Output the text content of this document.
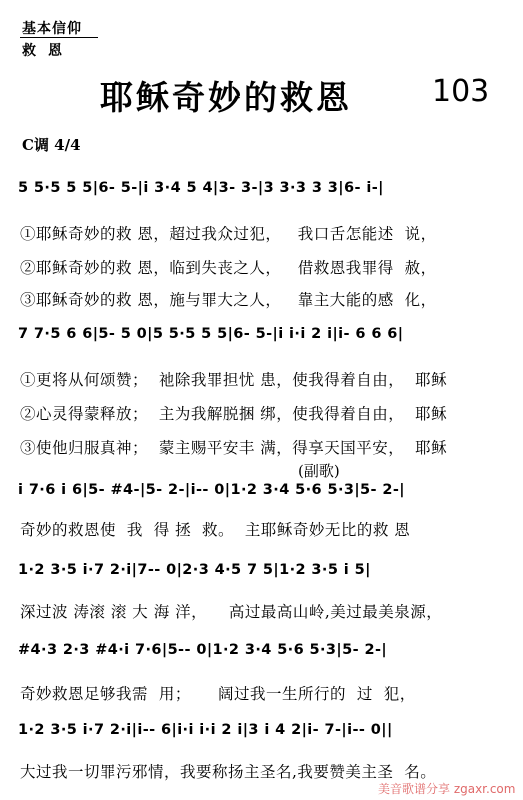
基本信仰
救恩
耶稣奇妙的救恩	103
C调 4/4
5 5·5 5 5|6- 5-|i 3·4 5 4|3- 3-|3 3·3 3 3|6- i-|
①耶稣奇妙的救 恩，超过我众过犯，   我口舌怎能述  说，
②耶稣奇妙的救 恩，临到失丧之人，   借救恩我罪得  赦，
③耶稣奇妙的救 恩，施与罪大之人，   靠主大能的感  化，
7 7·5 6 6|5- 5 0|5 5·5 5 5|6- 5-|i i·i 2 i|i- 6 6 6|
①更将从何颂赞；  祂除我罪担忧 患，使我得着自由，  耶稣
②心灵得蒙释放；  主为我解脱捆 绑，使我得着自由，  耶稣
③使他归服真神；  蒙主赐平安丰 满，得享天国平安，  耶稣
(副歌)
i 7·6 i 6|5- #4-|5- 2-|i-- 0|1·2 3·4 5·6 5·3|5- 2-|
奇妙的救恩使  我  得 拯  救。  主耶稣奇妙无比的救 恩
1·2 3·5 i·7 2·i|7-- 0|2·3 4·5 7 5|1·2 3·5 i 5|
深过波 涛滚 滚 大 海 洋，    高过最高山岭,美过最美泉源，
#4·3 2·3 #4·i 7·6|5-- 0|1·2 3·4 5·6 5·3|5- 2-|
奇妙救恩足够我需  用；     阔过我一生所行的  过  犯，
1·2 3·5 i·7 2·i|i-- 6|i·i i·i 2 i|3 i 4 2|i- 7-|i-- 0||
大过我一切罪污邪情，我要称扬主圣名,我要赞美主圣  名。
美音歌谱分享 zgaxr.com
